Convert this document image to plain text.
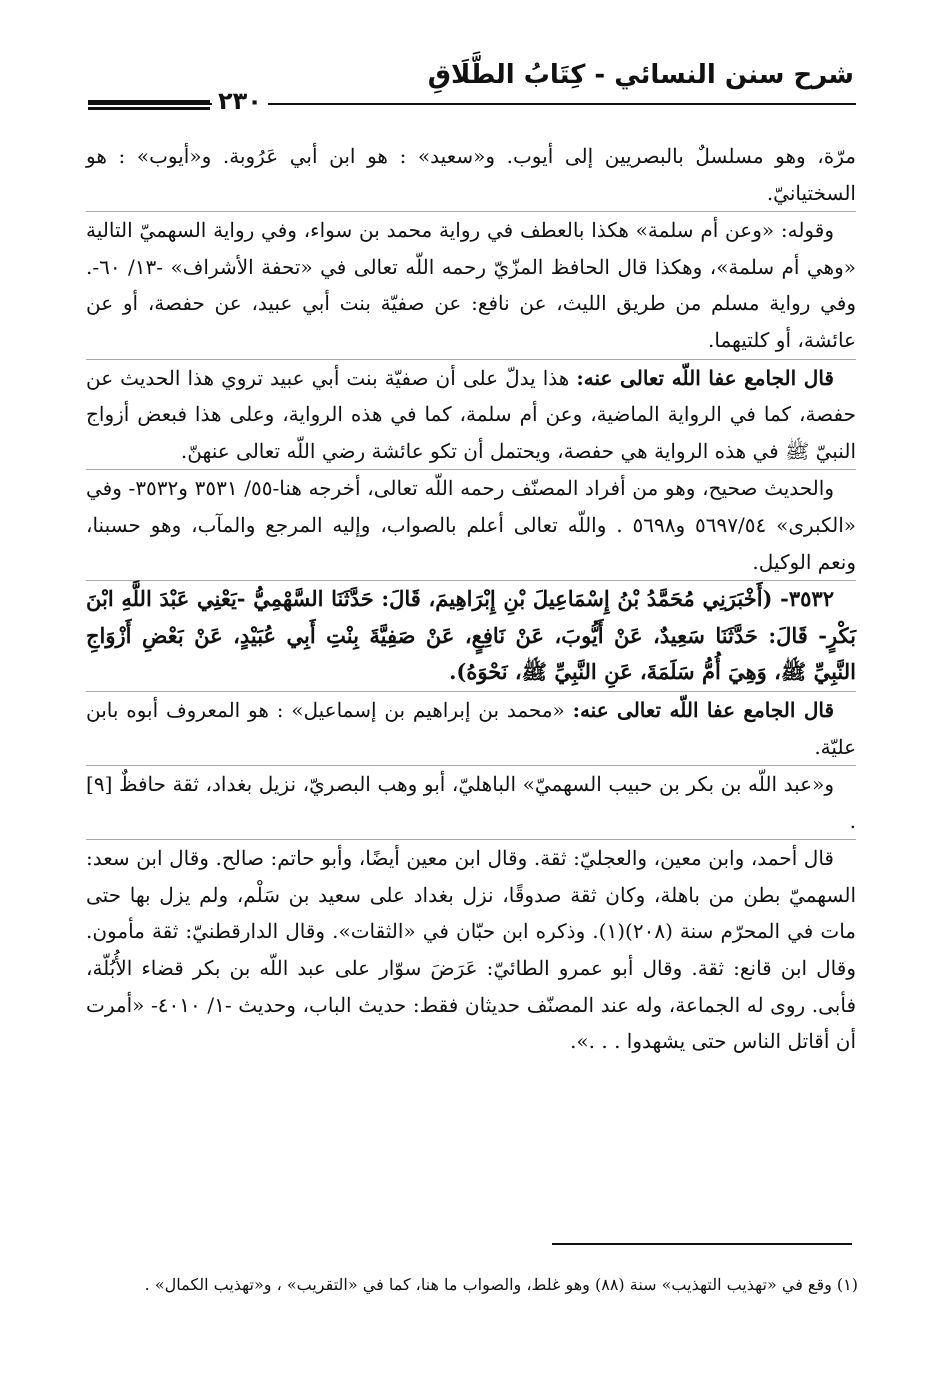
شرح سنن النسائي - كِتَابُ الطَّلَاقِ
٢٣٠

مرّة، وهو مسلسلٌ بالبصريين إلى أيوب. و«سعيد» : هو ابن أبي عَرُوبة. و«أيوب» : هو السختيانيّ.

وقوله: «وعن أم سلمة» هكذا بالعطف في رواية محمد بن سواء، وفي رواية السهميّ التالية «وهي أم سلمة»، وهكذا قال الحافظ المزّيّ رحمه اللّه تعالى في «تحفة الأشراف» -١٣/ ٦٠-. وفي رواية مسلم من طريق الليث، عن نافع: عن صفيّة بنت أبي عبيد، عن حفصة، أو عن عائشة، أو كلتيهما.

قال الجامع عفا اللّه تعالى عنه: هذا يدلّ على أن صفيّة بنت أبي عبيد تروي هذا الحديث عن حفصة، كما في الرواية الماضية، وعن أم سلمة، كما في هذه الرواية، وعلى هذا فبعض أزواج النبيّ ﷺ في هذه الرواية هي حفصة، ويحتمل أن تكو عائشة رضي اللّه تعالى عنهنّ.

والحديث صحيح، وهو من أفراد المصنّف رحمه اللّه تعالى، أخرجه هنا-٥٥/ ٣٥٣١ و٣٥٣٢- وفي «الكبرى» ٥٦٩٧/٥٤ و٥٦٩٨ . واللّه تعالى أعلم بالصواب، وإليه المرجع والمآب، وهو حسبنا، ونعم الوكيل.

٣٥٣٢- (أَخْبَرَنِي مُحَمَّدُ بْنُ إِسْمَاعِيلَ بْنِ إِبْرَاهِيمَ، قَالَ: حَدَّثَنَا السَّهْمِيُّ -يَعْنِي عَبْدَ اللَّهِ ابْنَ بَكْرٍ- قَالَ: حَدَّثَنَا سَعِيدٌ، عَنْ أَيُّوبَ، عَنْ نَافِعٍ، عَنْ صَفِيَّةَ بِنْتِ أَبِي عُبَيْدٍ، عَنْ بَعْضِ أَزْوَاجِ النَّبِيِّ ﷺ، وَهِيَ أُمُّ سَلَمَةَ، عَنِ النَّبِيِّ ﷺ، نَحْوَهُ).

قال الجامع عفا اللّه تعالى عنه: «محمد بن إبراهيم بن إسماعيل» : هو المعروف أبوه بابن عليّة.

و«عبد اللّه بن بكر بن حبيب السهميّ» الباهليّ، أبو وهب البصريّ، نزيل بغداد، ثقة حافظٌ [٩] .

قال أحمد، وابن معين، والعجليّ: ثقة. وقال ابن معين أيضًا، وأبو حاتم: صالح. وقال ابن سعد: السهميّ بطن من باهلة، وكان ثقة صدوقًا، نزل بغداد على سعيد بن سَلْم، ولم يزل بها حتى مات في المحرّم سنة (٢٠٨)(١). وذكره ابن حبّان في «الثقات». وقال الدارقطنيّ: ثقة مأمون. وقال ابن قانع: ثقة. وقال أبو عمرو الطائيّ: عَرَضَ سوّار على عبد اللّه بن بكر قضاء الأُبُلّة، فأبى. روى له الجماعة، وله عند المصنّف حديثان فقط: حديث الباب، وحديث -١/ ٤٠١٠- «أمرت أن أقاتل الناس حتى يشهدوا . . .».

(١) وقع في «تهذيب التهذيب» سنة (٨٨) وهو غلط، والصواب ما هنا، كما في «التقريب» ، و«تهذيب الكمال» .
